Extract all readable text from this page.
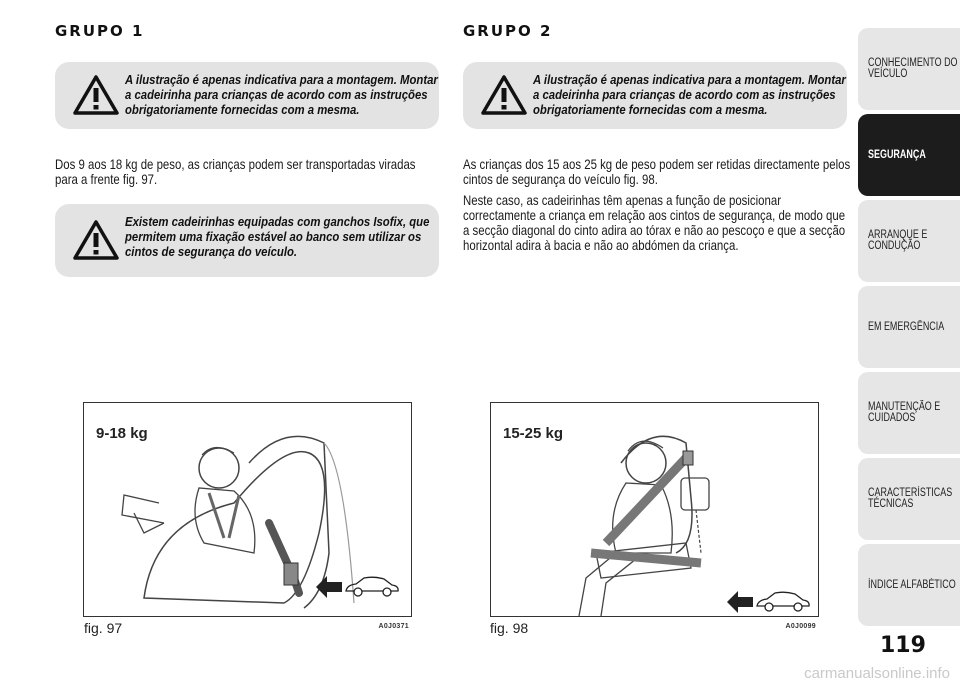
GRUPO 1
A ilustração é apenas indicativa para a montagem. Montar a cadeirinha para crianças de acordo com as instruções obrigatoriamente fornecidas com a mesma.

Dos 9 aos 18 kg de peso, as crianças podem ser transportadas viradas para a frente fig. 97.

Existem cadeirinhas equipadas com ganchos Isofix, que permitem uma fixação estável ao banco sem utilizar os cintos de segurança do veículo.
9-18 kg
A0J0371
fig. 97
GRUPO 2
A ilustração é apenas indicativa para a montagem. Montar a cadeirinha para crianças de acordo com as instruções obrigatoriamente fornecidas com a mesma.

As crianças dos 15 aos 25 kg de peso podem ser retidas directamente pelos cintos de segurança do veículo fig. 98.

Neste caso, as cadeirinhas têm apenas a função de posicionar correctamente a criança em relação aos cintos de segurança, de modo que a secção diagonal do cinto adira ao tórax e não ao pescoço e que a secção horizontal adira à bacia e não ao abdómen da criança.

15-25 kg
A0J0099
fig. 98
CONHECIMENTO DO
VEÍCULO
SEGURANÇA
ARRANQUE E
CONDUÇÃO
EM EMERGÊNCIA
MANUTENÇÃO E
CUIDADOS
CARACTERÍSTICAS
TÉCNICAS
ÍNDICE ALFABÉTICO
119
carmanualsonline.info
